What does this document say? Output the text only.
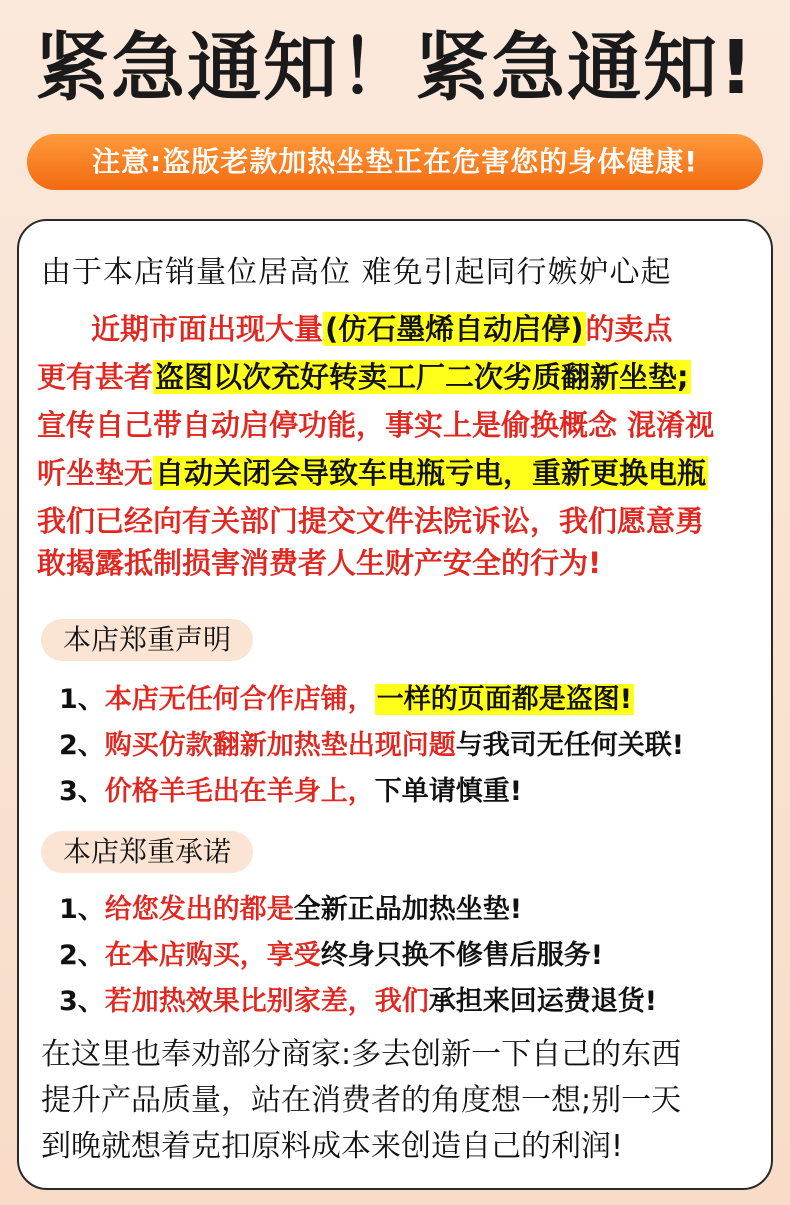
紧急通知！紧急通知!
注意:盗版老款加热坐垫正在危害您的身体健康!
由于本店销量位居高位 难免引起同行嫉妒心起
近期市面出现大量(仿石墨烯自动启停)的卖点
更有甚者盗图以次充好转卖工厂二次劣质翻新坐垫;
宣传自己带自动启停功能，事实上是偷换概念 混淆视
听坐垫无自动关闭会导致车电瓶亏电，重新更换电瓶
我们已经向有关部门提交文件法院诉讼，我们愿意勇
敢揭露抵制损害消费者人生财产安全的行为!
本店郑重声明
1、本店无任何合作店铺，一样的页面都是盗图!
2、购买仿款翻新加热垫出现问题与我司无任何关联!
3、价格羊毛出在羊身上，下单请慎重!
本店郑重承诺
1、给您发出的都是全新正品加热坐垫!
2、在本店购买，享受终身只换不修售后服务!
3、若加热效果比别家差，我们承担来回运费退货!
在这里也奉劝部分商家:多去创新一下自己的东西
提升产品质量，站在消费者的角度想一想;别一天
到晚就想着克扣原料成本来创造自己的利润!
